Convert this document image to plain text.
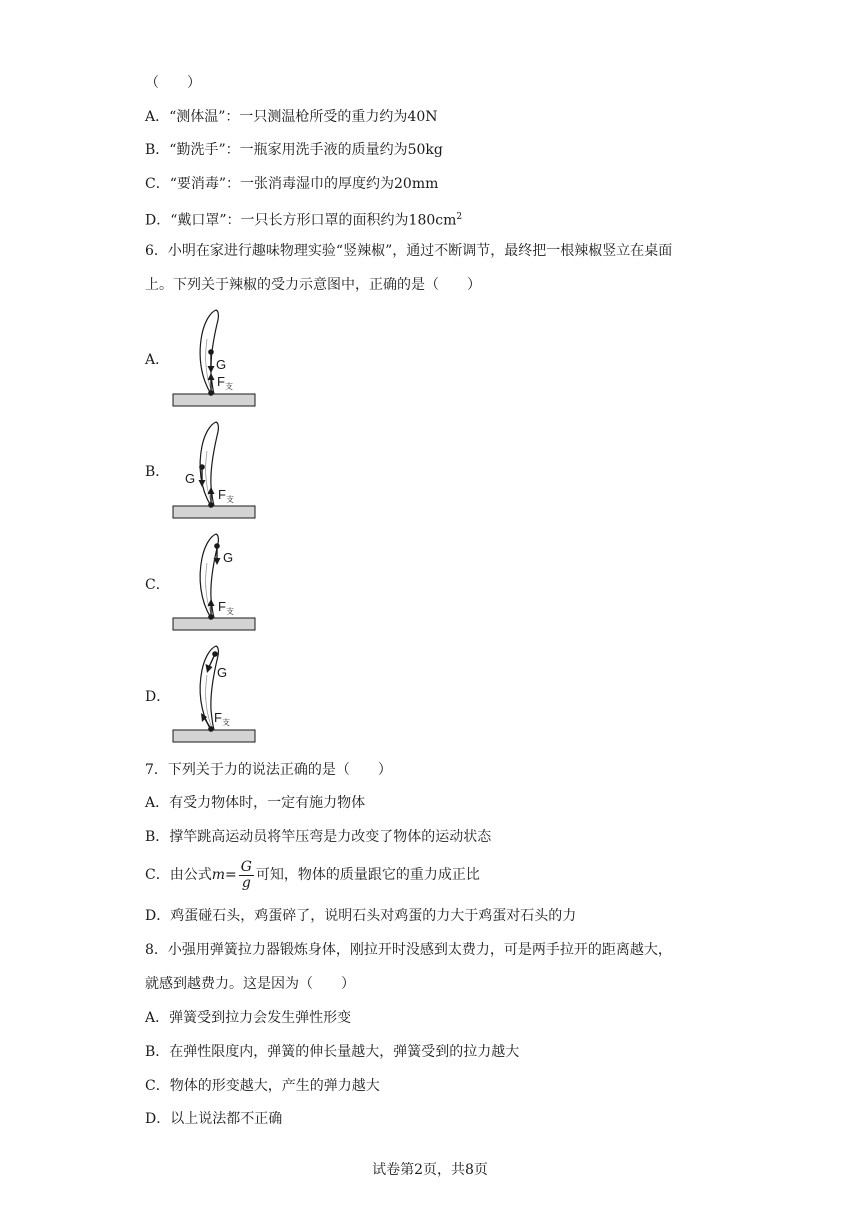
（　　）
A．“测体温”：一只测温枪所受的重力约为40N
B．“勤洗手”：一瓶家用洗手液的质量约为50kg
C．“要消毒”：一张消毒湿巾的厚度约为20mm
D．“戴口罩”：一只长方形口罩的面积约为$180cm^2$
6．小明在家进行趣味物理实验“竖辣椒”，通过不断调节，最终把一根辣椒竖立在桌面
上。下列关于辣椒的受力示意图中，正确的是（　　）
A．	G
$F_支$
B． G
$F_支$
C．
G
$F_支$
D．
G
$F_支$
7．下列关于力的说法正确的是（　　）
A．有受力物体时，一定有施力物体
B．撑竿跳高运动员将竿压弯是力改变了物体的运动状态
C．由公式$m= \frac{G}{g}$ 可知，物体的质量跟它的重力成正比
D．鸡蛋碰石头，鸡蛋碎了，说明石头对鸡蛋的力大于鸡蛋对石头的力
8．小强用弹簧拉力器锻炼身体，刚拉开时没感到太费力，可是两手拉开的距离越大，
就感到越费力。这是因为（　　）
A．弹簧受到拉力会发生弹性形变
B．在弹性限度内，弹簧的伸长量越大，弹簧受到的拉力越大
C．物体的形变越大，产生的弹力越大
D．以上说法都不正确
试卷第2页，共8页
